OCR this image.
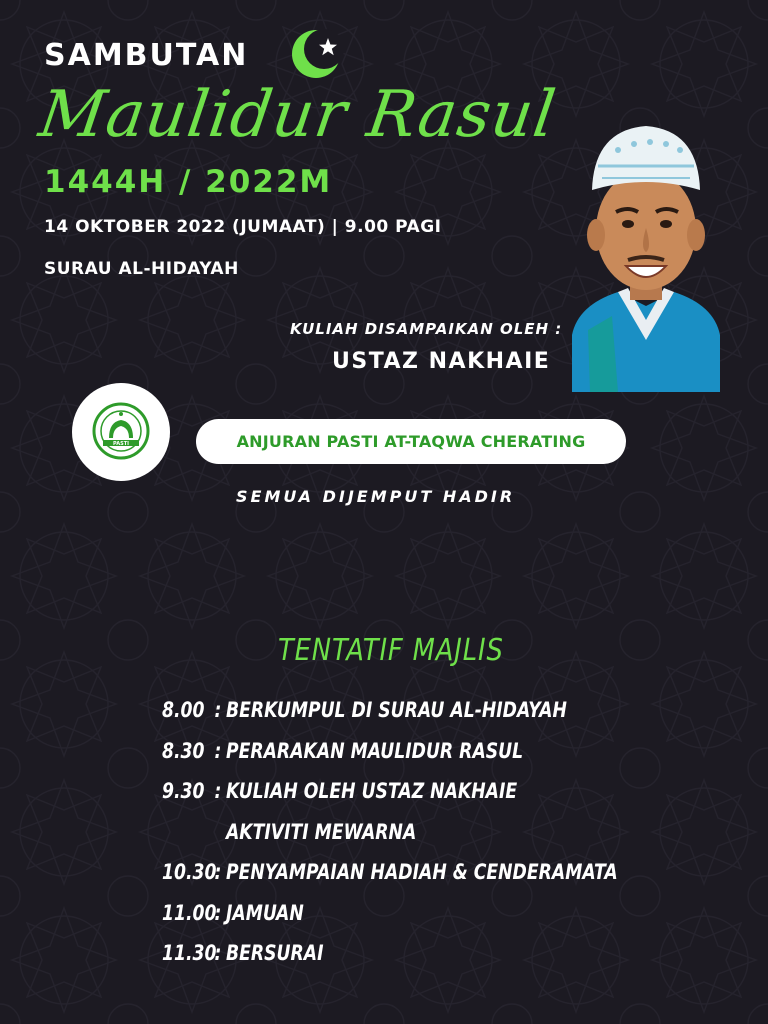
SAMBUTAN
Maulidur Rasul
1444H / 2022M
14 OKTOBER 2022 (JUMAAT) | 9.00 PAGI
SURAU AL-HIDAYAH
KULIAH DISAMPAIKAN OLEH :
USTAZ NAKHAIE
PASTI	ANJURAN PASTI AT-TAQWA CHERATING
SEMUA DIJEMPUT HADIR
TENTATIF MAJLIS
8.00 : BERKUMPUL DI SURAU AL-HIDAYAH
8.30 : PERARAKAN MAULIDUR RASUL
9.30 : KULIAH OLEH USTAZ NAKHAIE
AKTIVITI MEWARNA
10.30
: PENYAMPAIAN HADIAH & CENDERAMATA
11.00
: JAMUAN
11.30
: BERSURAI
